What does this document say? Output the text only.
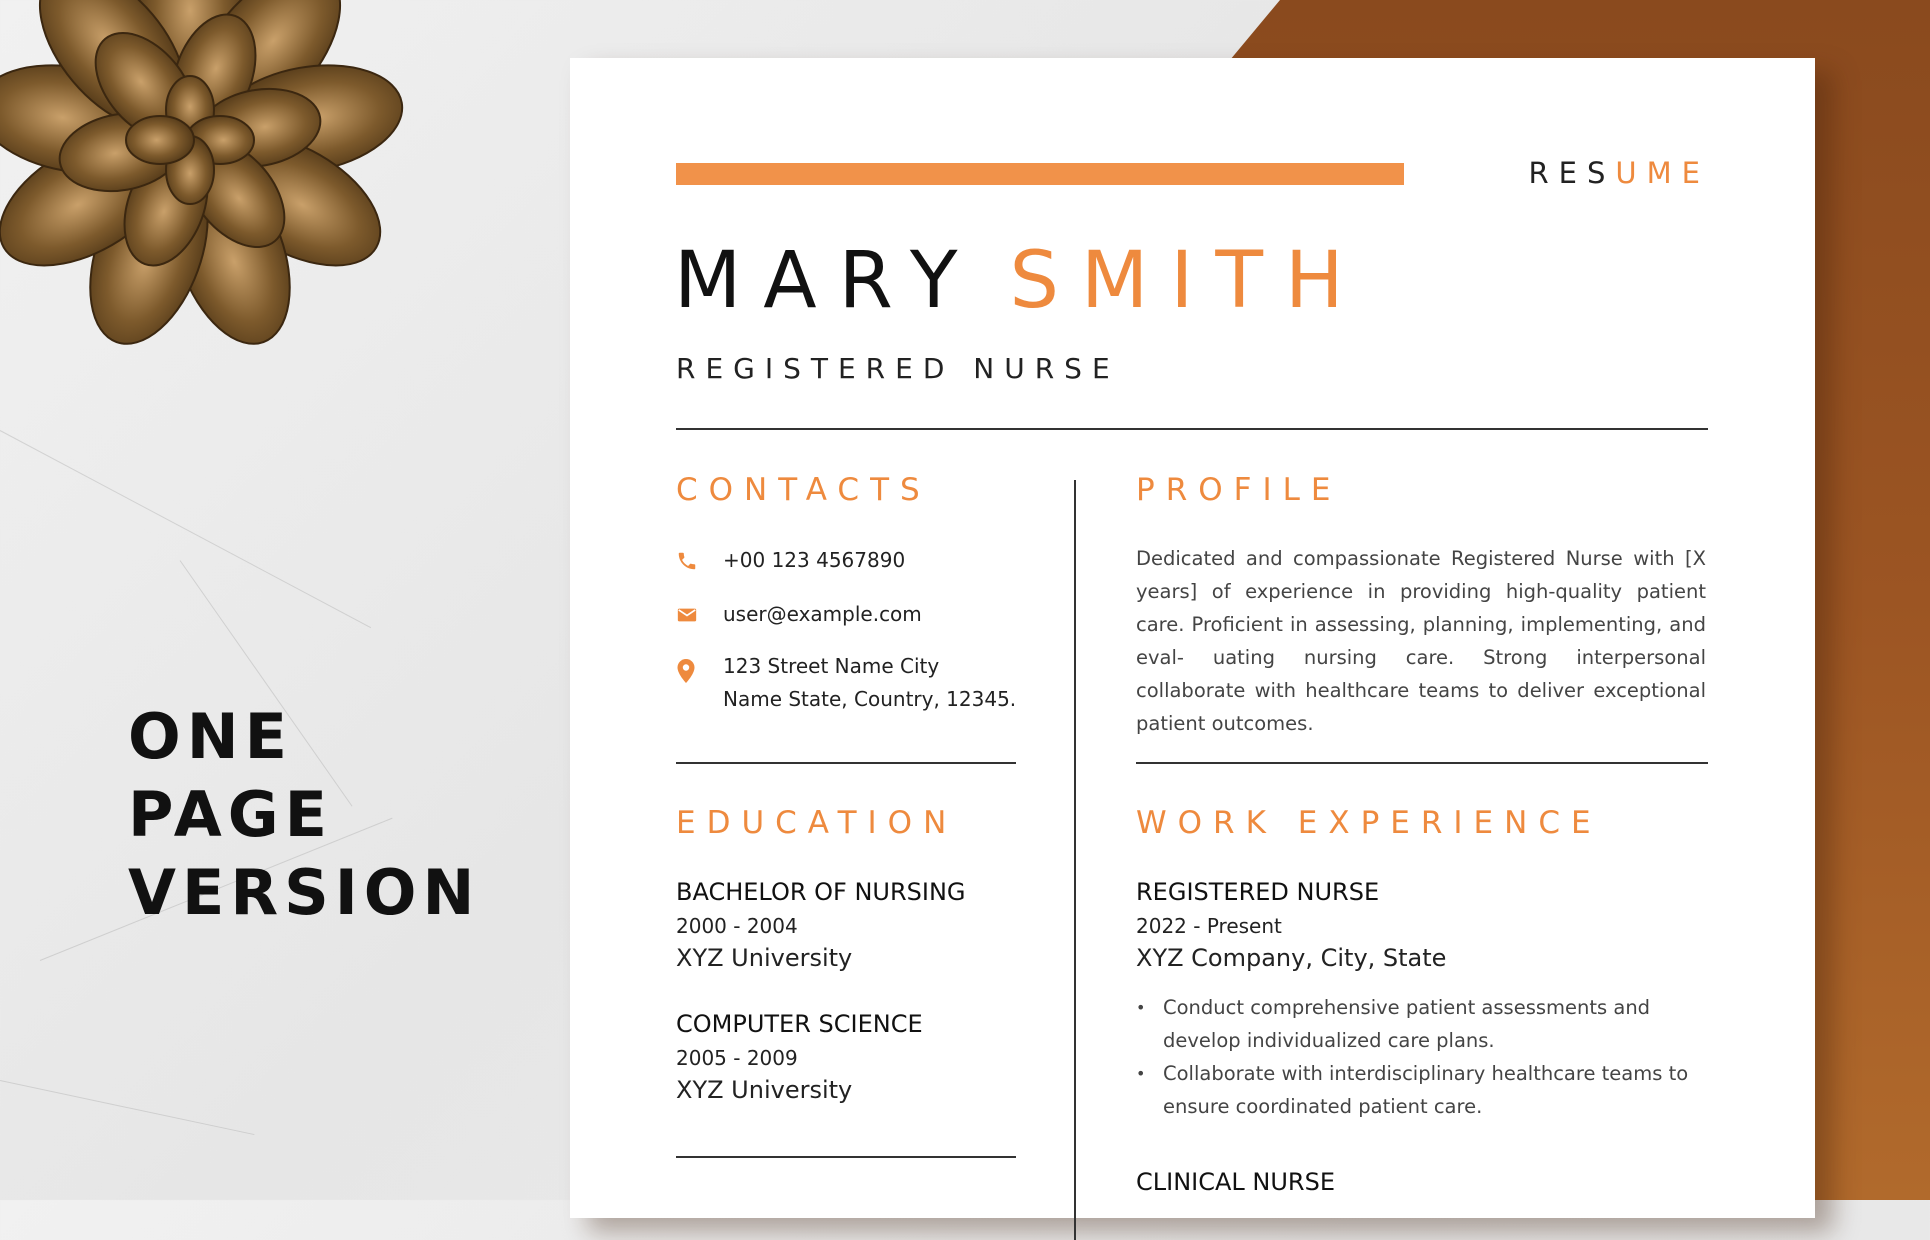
ONE
PAGE
VERSION
RESUME
MARY SMITH
REGISTERED NURSE
CONTACTS
+00 123 4567890
user@example.com
123 Street Name City
Name State, Country, 12345.
EDUCATION
BACHELOR OF NURSING
2000 - 2004
XYZ University
COMPUTER SCIENCE
2005 - 2009
XYZ University
PROFILE
Dedicated and compassionate Registered Nurse with [X years] of experience in providing high-quality patient care. Proficient in assessing, planning, implementing, and eval- uating nursing care. Strong interpersonal collaborate with healthcare teams to deliver exceptional patient outcomes.
WORK EXPERIENCE
REGISTERED NURSE
2022 - Present
XYZ Company, City, State
• Conduct comprehensive patient assessments and develop individualized care plans.
• Collaborate with interdisciplinary healthcare teams to ensure coordinated patient care.
CLINICAL NURSE
